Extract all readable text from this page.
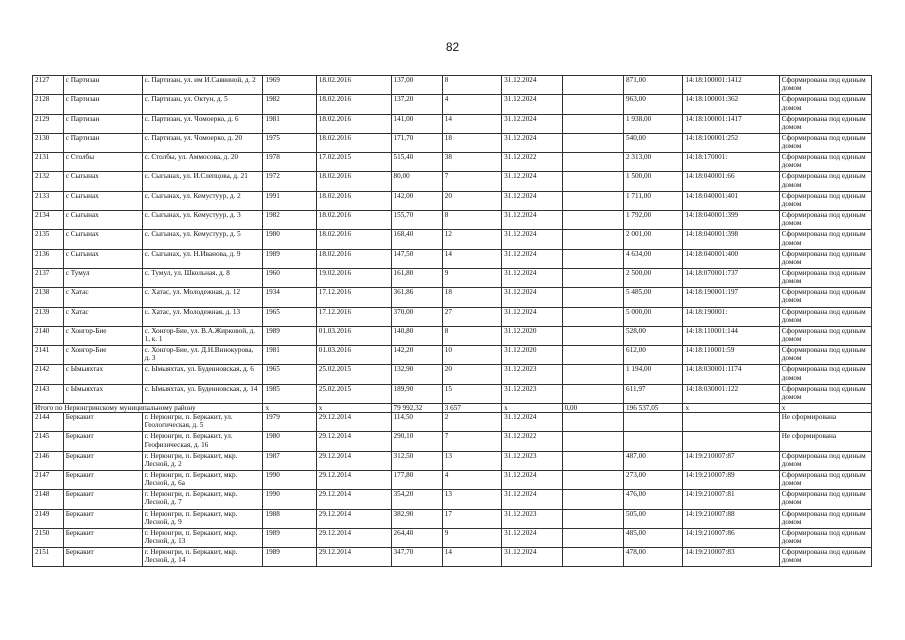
82
2127	с Партизан	с. Партизан, ул. им И.Саввиной, д. 2	1969	18.02.2016	137,00	8	31.12.2024		871,00	14:18:100001:1412	Сформирована под единым домом
2128	с Партизан	с. Партизан, ул. Октун, д. 5	1982	18.02.2016	137,20	4	31.12.2024		963,00	14:18:100001:362	Сформирована под единым домом
2129	с Партизан	с. Партизан, ул. Чомоерко, д. 6	1981	18.02.2016	141,00	14	31.12.2024		1 938,00	14:18:100001:1417	Сформирована под единым домом
2130	с Партизан	с. Партизан, ул. Чомоерко, д. 20	1975	18.02.2016	171,70	18	31.12.2024		540,00	14:18:100001:252	Сформирована под единым домом
2131	с Столбы	с. Столбы, ул. Аммосова, д. 20	1978	17.02.2015	515,40	38	31.12.2022		2 313,00	14:18:170001:	Сформирована под единым домом
2132	с Сыгынах	с. Сыгынах, ул. И.Слепцова, д. 21	1972	18.02.2016	80,00	7	31.12.2024		1 500,00	14:18:040001:66	Сформирована под единым домом
2133	с Сыгынах	с. Сыгынах, ул. Кемустуур, д. 2	1991	18.02.2016	142,00	20	31.12.2024		1 711,00	14:18:040001:401	Сформирована под единым домом
2134	с Сыгынах	с. Сыгынах, ул. Кемустуур, д. 3	1982	18.02.2016	155,70	8	31.12.2024		1 792,00	14:18:040001:399	Сформирована под единым домом
2135	с Сыгынах	с. Сыгынах, ул. Кемустуур, д. 5	1980	18.02.2016	168,40	12	31.12.2024		2 001,00	14:18:040001:398	Сформирована под единым домом
2136	с Сыгынах	с. Сыгынах, ул. Н.Иванова, д. 9	1989	18.02.2016	147,50	14	31.12.2024		4 634,00	14:18:040001:400	Сформирована под единым домом
2137	с Тумул	с. Тумул, ул. Школьная, д. 8	1960	19.02.2016	161,80	9	31.12.2024		2 500,00	14:18:070001:737	Сформирована под единым домом
2138	с Хатас	с. Хатас, ул. Молодежная, д. 12	1934	17.12.2016	361,86	18	31.12.2024		5 485,00	14:18:190001:197	Сформирована под единым домом
2139	с Хатас	с. Хатас, ул. Молодежная, д. 13	1965	17.12.2016	370,00	27	31.12.2024		5 000,00	14:18:190001:	Сформирована под единым домом
2140	с Хонгор-Бие	с. Хонгор-Бие, ул. В.А.Жирковой, д. 1, к. 1	1989	01.03.2016	140,80	8	31.12.2020		528,00	14:18:110001:144	Сформирована под единым домом
2141	с Хонгор-Бие	с. Хонгор-Бие, ул. Д.Н.Винокурова, д. 3	1981	01.03.2016	142,20	10	31.12.2020		612,00	14:18:110001:59	Сформирована под единым домом
2142	с Ымыяхтах	с. Ымыяхтах, ул. Буденновская, д. 6	1965	25.02.2015	132,90	20	31.12.2023		1 194,00	14:18:030001:1174	Сформирована под единым домом
2143	с Ымыяхтах	с. Ымыяхтах, ул. Буденновская, д. 14	1985	25.02.2015	189,90	15	31.12.2023		611,97	14:18:030001:122	Сформирована под единым домом
Итого по Нерюнгринскому муниципальному району			x	x	79 992,32	3 657	x	0,00	196 537,05	x	x
2144	Беркакит	г. Нерюнгри, п. Беркакит, ул. Геологическая, д. 5	1979	29.12.2014	114,50	2	31.12.2024				Не сформирована
2145	Беркакит	г. Нерюнгри, п. Беркакит, ул. Геофизическая, д. 16	1980	29.12.2014	290,10	7	31.12.2022				Не сформирована
2146	Беркакит	г. Нерюнгри, п. Беркакит, мкр. Лесной, д. 2	1987	29.12.2014	312,50	13	31.12.2023		487,00	14:19:210007:87	Сформирована под единым домом
2147	Беркакит	г. Нерюнгри, п. Беркакит, мкр. Лесной, д. 6а	1990	29.12.2014	177,80	4	31.12.2024		273,00	14:19:210007:89	Сформирована под единым домом
2148	Беркакит	г. Нерюнгри, п. Беркакит, мкр. Лесной, д. 7	1990	29.12.2014	354,20	13	31.12.2024		476,00	14:19:210007:81	Сформирована под единым домом
2149	Беркакит	г. Нерюнгри, п. Беркакит, мкр. Лесной, д. 9	1988	29.12.2014	382,90	17	31.12.2023		505,00	14:19:210007:88	Сформирована под единым домом
2150	Беркакит	г. Нерюнгри, п. Беркакит, мкр. Лесной, д. 13	1989	29.12.2014	264,40	9	31.12.2024		485,00	14:19:210007:86	Сформирована под единым домом
2151	Беркакит	г. Нерюнгри, п. Беркакит, мкр. Лесной, д. 14	1989	29.12.2014	347,70	14	31.12.2024		478,00	14:19:210007:83	Сформирована под единым домом
